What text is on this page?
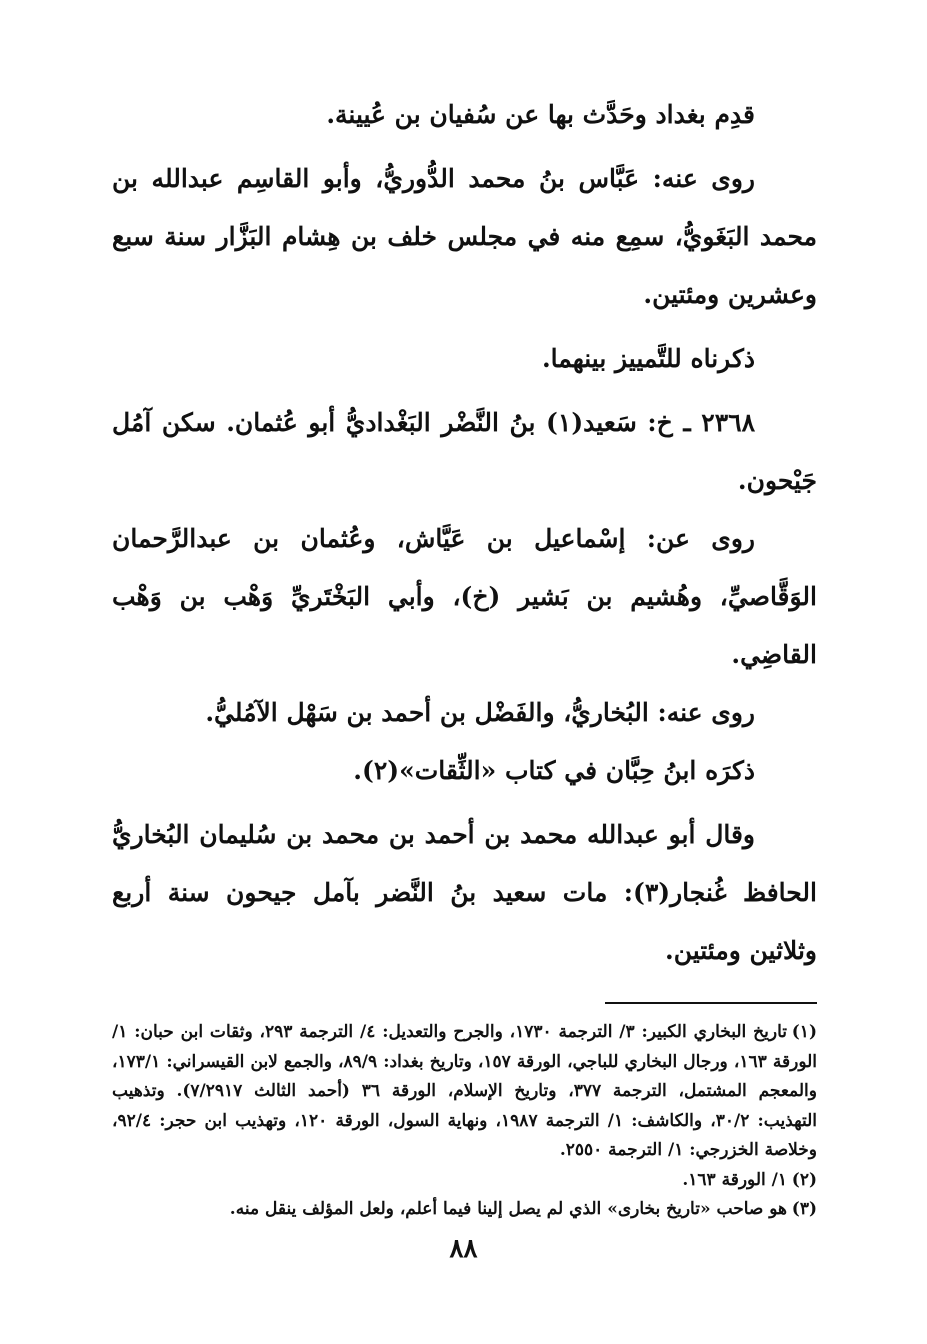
قدِم بغداد وحَدَّث بها عن سُفيان بن عُيينة.

روى عنه: عَبَّاس بنُ محمد الدُّوريُّ، وأبو القاسِم عبدالله بن محمد البَغَويُّ، سمِع منه في مجلس خلف بن هِشام البَزَّار سنة سبع وعشرين ومئتين.

ذكرناه للتَّمييز بينهما.

٢٣٦٨ ـ خ: سَعيد(١) بنُ النَّضْر البَغْداديُّ أبو عُثمان. سكن آمُل جَيْحون.

روى عن: إسْماعيل بن عَيَّاش، وعُثمان بن عبدالرَّحمان الوَقَّاصيِّ، وهُشيم بن بَشير (خ)، وأبي البَخْتَريِّ وَهْب بن وَهْب القاضِي.

روى عنه: البُخاريُّ، والفَضْل بن أحمد بن سَهْل الآمُليُّ.

ذكرَه ابنُ حِبَّان في كتاب «الثِّقات»(٢).

وقال أبو عبدالله محمد بن أحمد بن محمد بن سُليمان البُخاريُّ الحافظ غُنجار(٣): مات سعيد بنُ النَّضر بآمل جيحون سنة أربع وثلاثين ومئتين.

(١)تاريخ البخاري الكبير: ٣/ الترجمة ١٧٣٠، والجرح والتعديل: ٤/ الترجمة ٢٩٣، وثقات ابن حبان: ١/ الورقة ١٦٣، ورجال البخاري للباجي، الورقة ١٥٧، وتاريخ بغداد: ٨٩/٩، والجمع لابن القيسراني: ١٧٣/١، والمعجم المشتمل، الترجمة ٣٧٧، وتاريخ الإسلام، الورقة ٣٦ (أحمد الثالث ٧/٢٩١٧). وتذهيب التهذيب: ٣٠/٢، والكاشف: ١/ الترجمة ١٩٨٧، ونهاية السول، الورقة ١٢٠، وتهذيب ابن حجر: ٩٢/٤، وخلاصة الخزرجي: ١/ الترجمة ٢٥٥٠.

(٢)١/ الورقة ١٦٣.

(٣)هو صاحب «تاريخ بخارى» الذي لم يصل إلينا فيما أعلم، ولعل المؤلف ينقل منه.

٨٨
